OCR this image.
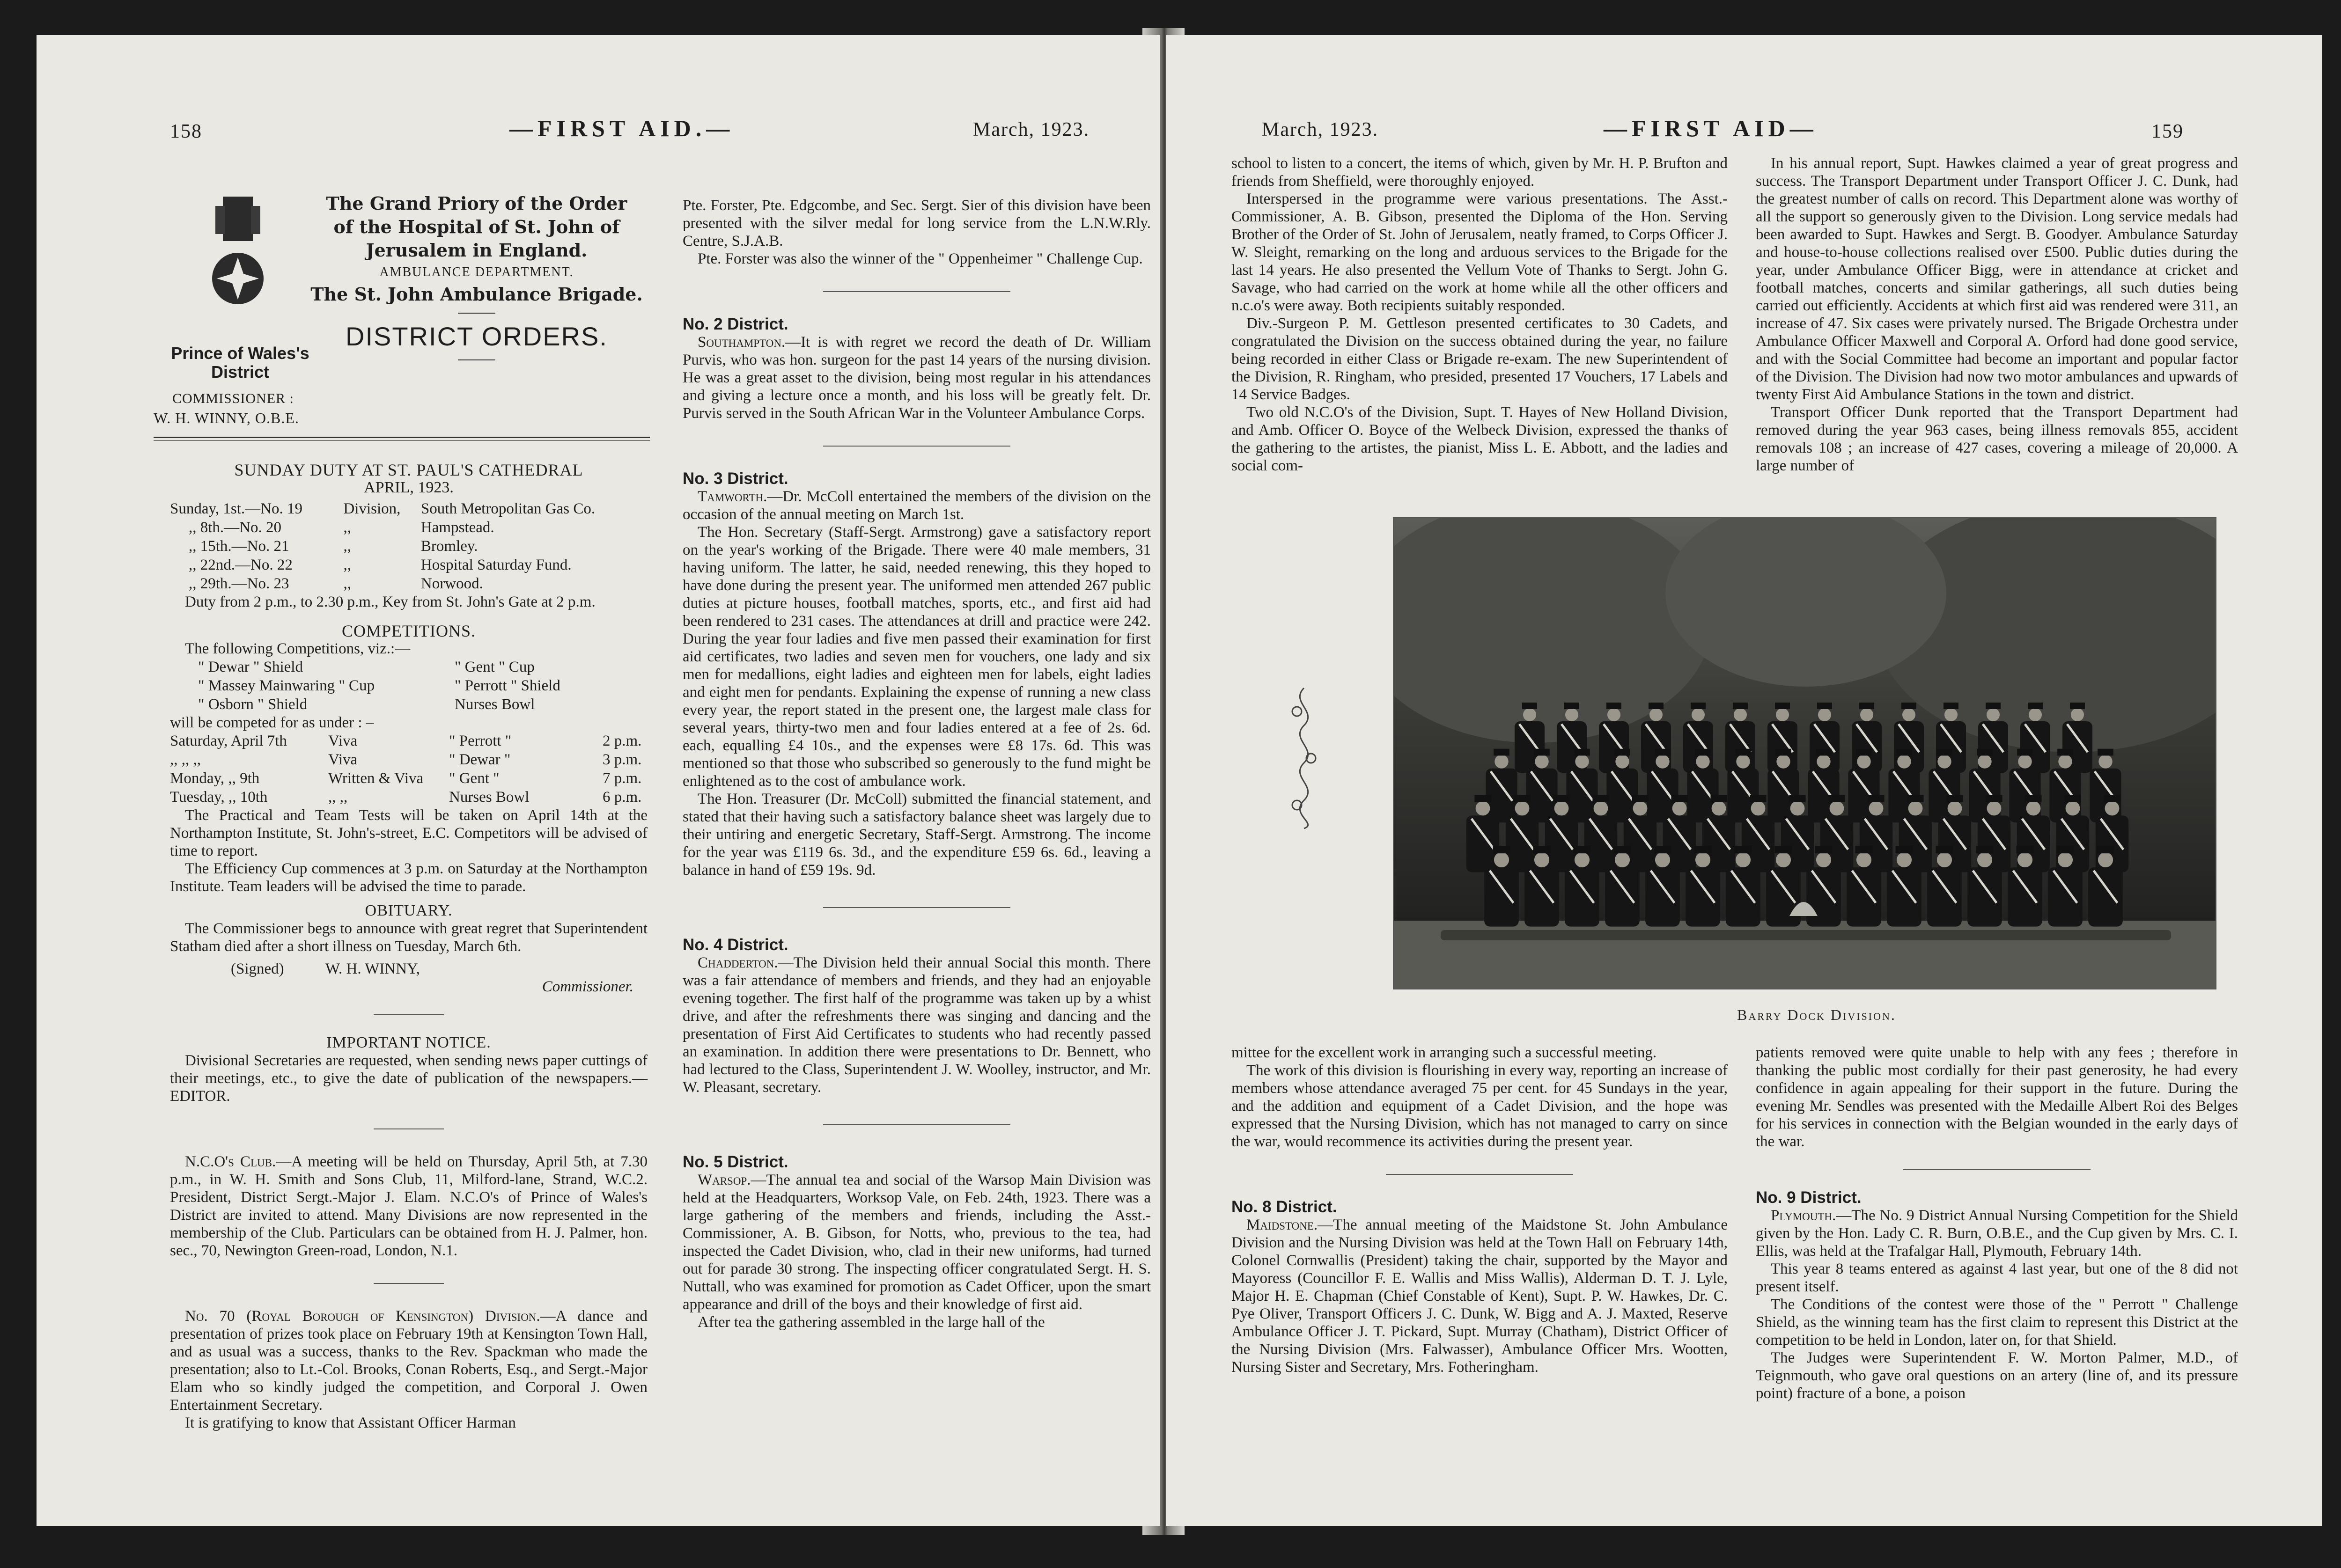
158	—FIRST AID.—	March, 1923.
The Grand Priory of the Order
of the Hospital of St. John of
Jerusalem in England.
AMBULANCE DEPARTMENT.
The St. John Ambulance Brigade.
DISTRICT ORDERS.
Prince of Wales's District
COMMISSIONER :
W. H. WINNY, O.B.E.

SUNDAY DUTY AT ST. PAUL'S CATHEDRAL

APRIL, 1923.

Sunday, 1st.—No. 19	Division,	South Metropolitan Gas Co.
,, 8th.—No. 20	,,	Hampstead.
,, 15th.—No. 21	,,	Bromley.
,, 22nd.—No. 22	,,	Hospital Saturday Fund.
,, 29th.—No. 23	,,	Norwood.

Duty from 2 p.m., to 2.30 p.m., Key from St. John's Gate at 2 p.m.

COMPETITIONS.

The following Competitions, viz.:—

" Dewar " Shield	" Gent " Cup
" Massey Mainwaring " Cup	" Perrott " Shield
" Osborn " Shield	Nurses Bowl

will be competed for as under : –

Saturday, April 7th	Viva	" Perrott "	2 p.m.
,, ,, ,,	Viva	" Dewar "	3 p.m.
Monday, ,, 9th	Written & Viva	" Gent "	7 p.m.
Tuesday, ,, 10th	,, ,,	Nurses Bowl	6 p.m.

The Practical and Team Tests will be taken on April 14th at the Northampton Institute, St. John's-street, E.C. Competitors will be advised of time to report.

The Efficiency Cup commences at 3 p.m. on Saturday at the Northampton Institute. Team leaders will be advised the time to parade.

OBITUARY.

The Commissioner begs to announce with great regret that Superintendent Statham died after a short illness on Tuesday, March 6th.

(Signed)	W. H. WINNY,

Commissioner.

IMPORTANT NOTICE.

Divisional Secretaries are requested, when sending news paper cuttings of their meetings, etc., to give the date of publication of the newspapers.—EDITOR.

N.C.O's Club.—A meeting will be held on Thursday, April 5th, at 7.30 p.m., in W. H. Smith and Sons Club, 11, Milford-lane, Strand, W.C.2. President, District Sergt.-Major J. Elam. N.C.O's of Prince of Wales's District are invited to attend. Many Divisions are now represented in the membership of the Club. Particulars can be obtained from H. J. Palmer, hon. sec., 70, Newington Green-road, London, N.1.

No. 70 (Royal Borough of Kensington) Division.—A dance and presentation of prizes took place on February 19th at Kensington Town Hall, and as usual was a success, thanks to the Rev. Spackman who made the presentation; also to Lt.-Col. Brooks, Conan Roberts, Esq., and Sergt.-Major Elam who so kindly judged the competition, and Corporal J. Owen Entertainment Secretary.

It is gratifying to know that Assistant Officer Harman

Pte. Forster, Pte. Edgcombe, and Sec. Sergt. Sier of this division have been presented with the silver medal for long service from the L.N.W.Rly. Centre, S.J.A.B.

Pte. Forster was also the winner of the " Oppenheimer " Challenge Cup.

No. 2 District.

Southampton.—It is with regret we record the death of Dr. William Purvis, who was hon. surgeon for the past 14 years of the nursing division. He was a great asset to the division, being most regular in his attendances and giving a lecture once a month, and his loss will be greatly felt. Dr. Purvis served in the South African War in the Volunteer Ambulance Corps.

No. 3 District.

Tamworth.—Dr. McColl entertained the members of the division on the occasion of the annual meeting on March 1st.

The Hon. Secretary (Staff-Sergt. Armstrong) gave a satisfactory report on the year's working of the Brigade. There were 40 male members, 31 having uniform. The latter, he said, needed renewing, this they hoped to have done during the present year. The uniformed men attended 267 public duties at picture houses, football matches, sports, etc., and first aid had been rendered to 231 cases. The attendances at drill and practice were 242. During the year four ladies and five men passed their examination for first aid certificates, two ladies and seven men for vouchers, one lady and six men for medallions, eight ladies and eighteen men for labels, eight ladies and eight men for pendants. Explaining the expense of running a new class every year, the report stated in the present one, the largest male class for several years, thirty-two men and four ladies entered at a fee of 2s. 6d. each, equalling £4 10s., and the expenses were £8 17s. 6d. This was mentioned so that those who subscribed so generously to the fund might be enlightened as to the cost of ambulance work.

The Hon. Treasurer (Dr. McColl) submitted the financial statement, and stated that their having such a satisfactory balance sheet was largely due to their untiring and energetic Secretary, Staff-Sergt. Armstrong. The income for the year was £119 6s. 3d., and the expenditure £59 6s. 6d., leaving a balance in hand of £59 19s. 9d.

No. 4 District.

Chadderton.—The Division held their annual Social this month. There was a fair attendance of members and friends, and they had an enjoyable evening together. The first half of the programme was taken up by a whist drive, and after the refreshments there was singing and dancing and the presentation of First Aid Certificates to students who had recently passed an examination. In addition there were presentations to Dr. Bennett, who had lectured to the Class, Superintendent J. W. Woolley, instructor, and Mr. W. Pleasant, secretary.

No. 5 District.

Warsop.—The annual tea and social of the Warsop Main Division was held at the Headquarters, Worksop Vale, on Feb. 24th, 1923. There was a large gathering of the members and friends, including the Asst.-Commissioner, A. B. Gibson, for Notts, who, previous to the tea, had inspected the Cadet Division, who, clad in their new uniforms, had turned out for parade 30 strong. The inspecting officer congratulated Sergt. H. S. Nuttall, who was examined for promotion as Cadet Officer, upon the smart appearance and drill of the boys and their knowledge of first aid.

After tea the gathering assembled in the large hall of the

March, 1923.	—FIRST AID—	159

school to listen to a concert, the items of which, given by Mr. H. P. Brufton and friends from Sheffield, were thoroughly enjoyed.

Interspersed in the programme were various presentations. The Asst.-Commissioner, A. B. Gibson, presented the Diploma of the Hon. Serving Brother of the Order of St. John of Jerusalem, neatly framed, to Corps Officer J. W. Sleight, remarking on the long and arduous services to the Brigade for the last 14 years. He also presented the Vellum Vote of Thanks to Sergt. John G. Savage, who had carried on the work at home while all the other officers and n.c.o's were away. Both recipients suitably responded.

Div.-Surgeon P. M. Gettleson presented certificates to 30 Cadets, and congratulated the Division on the success obtained during the year, no failure being recorded in either Class or Brigade re-exam. The new Superintendent of the Division, R. Ringham, who presided, presented 17 Vouchers, 17 Labels and 14 Service Badges.

Two old N.C.O's of the Division, Supt. T. Hayes of New Holland Division, and Amb. Officer O. Boyce of the Welbeck Division, expressed the thanks of the gathering to the artistes, the pianist, Miss L. E. Abbott, and the ladies and social com-

In his annual report, Supt. Hawkes claimed a year of great progress and success. The Transport Department under Transport Officer J. C. Dunk, had the greatest number of calls on record. This Department alone was worthy of all the support so generously given to the Division. Long service medals had been awarded to Supt. Hawkes and Sergt. B. Goodyer. Ambulance Saturday and house-to-house collections realised over £500. Public duties during the year, under Ambulance Officer Bigg, were in attendance at cricket and football matches, concerts and similar gatherings, all such duties being carried out efficiently. Accidents at which first aid was rendered were 311, an increase of 47. Six cases were privately nursed. The Brigade Orchestra under Ambulance Officer Maxwell and Corporal A. Orford had done good service, and with the Social Committee had become an important and popular factor of the Division. The Division had now two motor ambulances and upwards of twenty First Aid Ambulance Stations in the town and district.

Transport Officer Dunk reported that the Transport Department had removed during the year 963 cases, being illness removals 855, accident removals 108 ; an increase of 427 cases, covering a mileage of 20,000. A large number of

Barry Dock Division.

mittee for the excellent work in arranging such a successful meeting.

The work of this division is flourishing in every way, reporting an increase of members whose attendance averaged 75 per cent. for 45 Sundays in the year, and the addition and equipment of a Cadet Division, and the hope was expressed that the Nursing Division, which has not managed to carry on since the war, would recommence its activities during the present year.

No. 8 District.

Maidstone.—The annual meeting of the Maidstone St. John Ambulance Division and the Nursing Division was held at the Town Hall on February 14th, Colonel Cornwallis (President) taking the chair, supported by the Mayor and Mayoress (Councillor F. E. Wallis and Miss Wallis), Alderman D. T. J. Lyle, Major H. E. Chapman (Chief Constable of Kent), Supt. P. W. Hawkes, Dr. C. Pye Oliver, Transport Officers J. C. Dunk, W. Bigg and A. J. Maxted, Reserve Ambulance Officer J. T. Pickard, Supt. Murray (Chatham), District Officer of the Nursing Division (Mrs. Falwasser), Ambulance Officer Mrs. Wootten, Nursing Sister and Secretary, Mrs. Fotheringham.

patients removed were quite unable to help with any fees ; therefore in thanking the public most cordially for their past generosity, he had every confidence in again appealing for their support in the future. During the evening Mr. Sendles was presented with the Medaille Albert Roi des Belges for his services in connection with the Belgian wounded in the early days of the war.

No. 9 District.

Plymouth.—The No. 9 District Annual Nursing Competition for the Shield given by the Hon. Lady C. R. Burn, O.B.E., and the Cup given by Mrs. C. I. Ellis, was held at the Trafalgar Hall, Plymouth, February 14th.

This year 8 teams entered as against 4 last year, but one of the 8 did not present itself.

The Conditions of the contest were those of the " Perrott " Challenge Shield, as the winning team has the first claim to represent this District at the competition to be held in London, later on, for that Shield.

The Judges were Superintendent F. W. Morton Palmer, M.D., of Teignmouth, who gave oral questions on an artery (line of, and its pressure point) fracture of a bone, a poison
